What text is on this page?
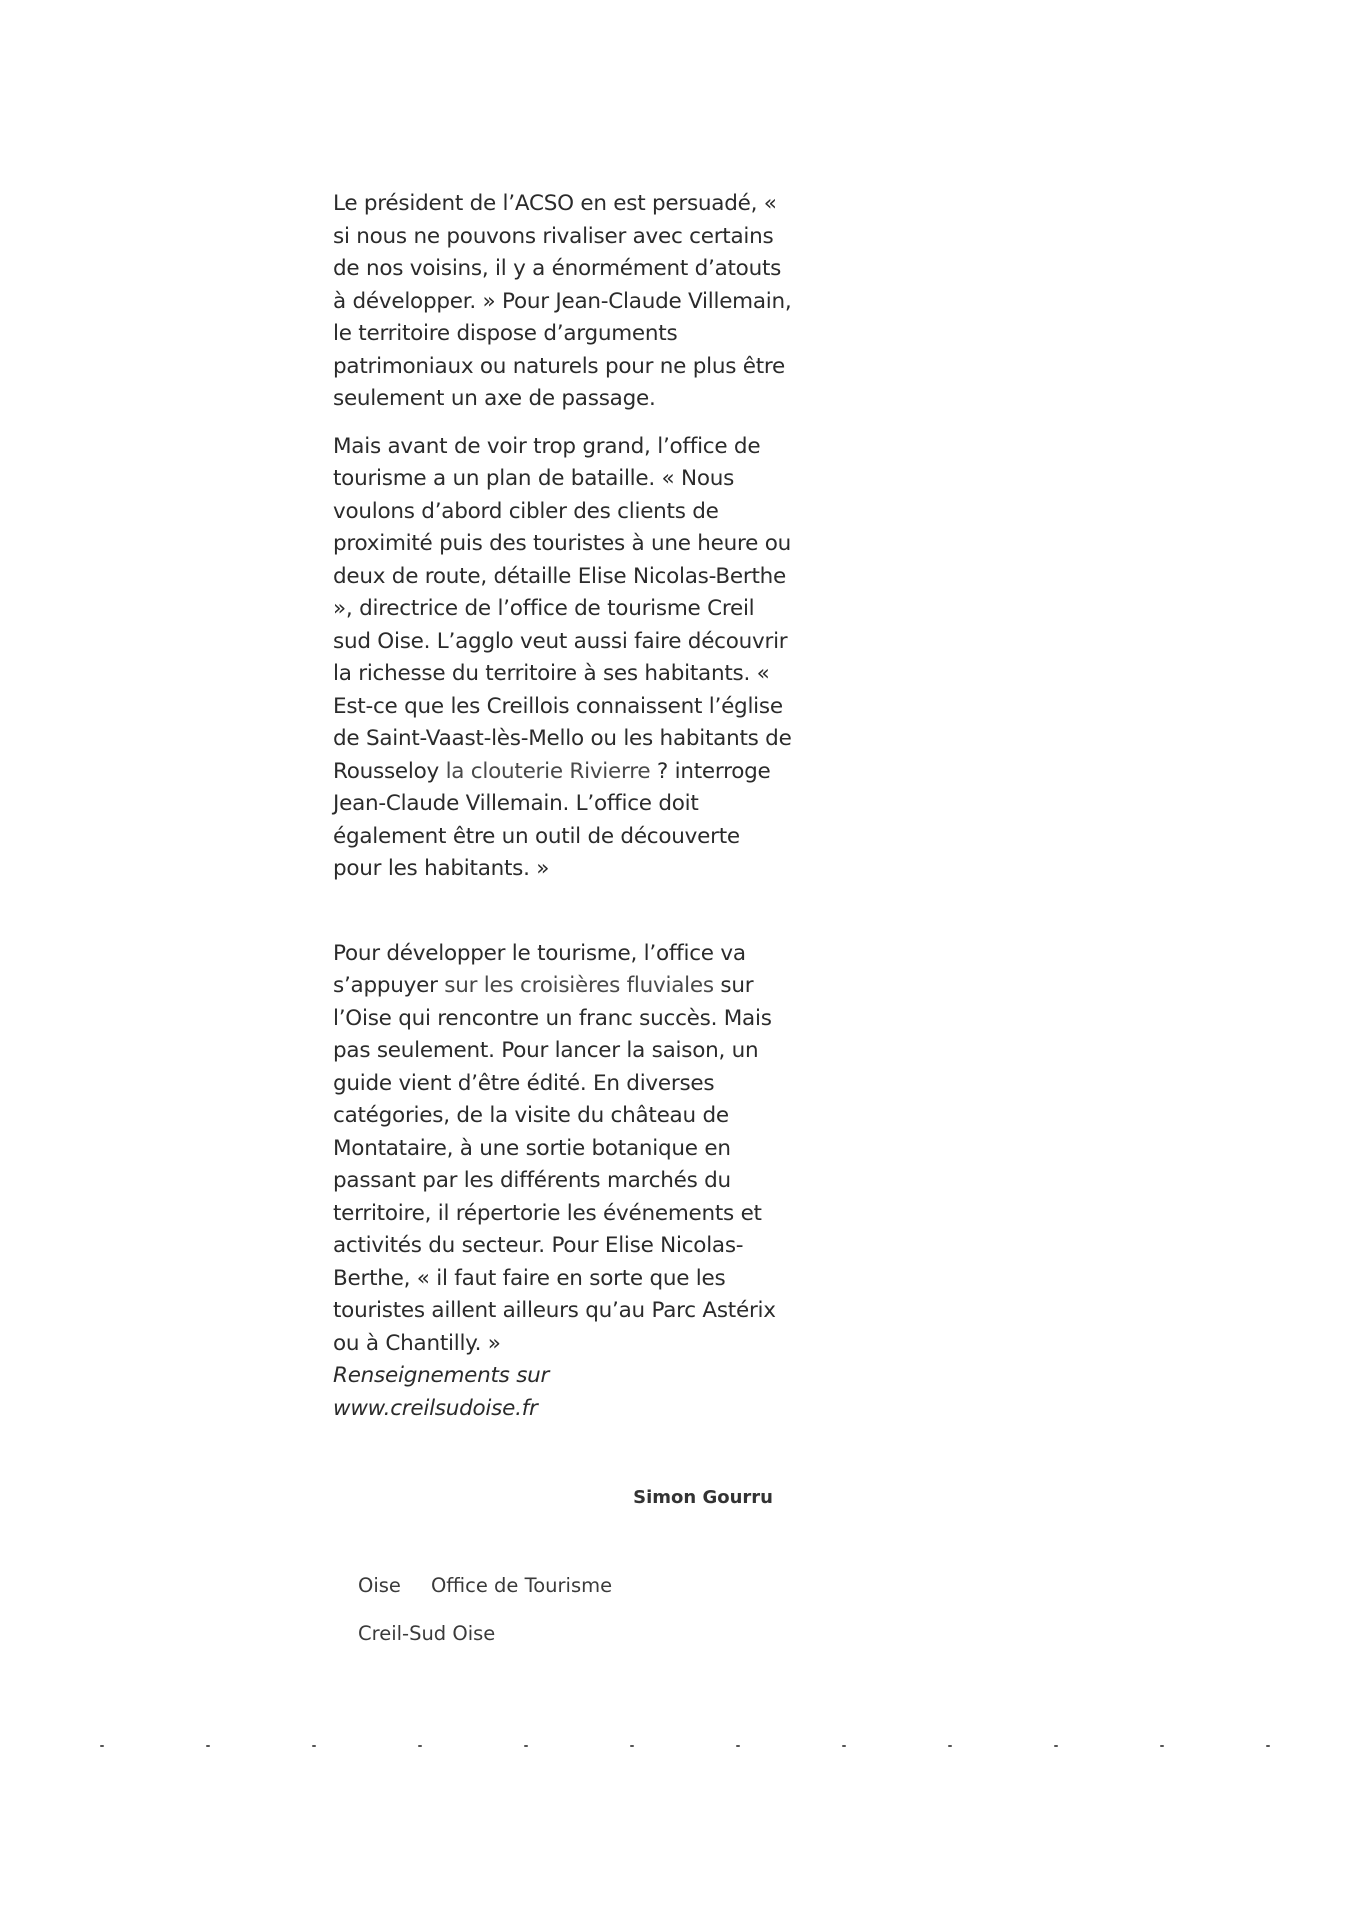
Le président de l’ACSO en est persuadé, « si nous ne pouvons rivaliser avec certains de nos voisins, il y a énormément d’atouts à développer. » Pour Jean-Claude Villemain, le territoire dispose d’arguments patrimoniaux ou naturels pour ne plus être seulement un axe de passage.

Mais avant de voir trop grand, l’office de tourisme a un plan de bataille. « Nous voulons d’abord cibler des clients de proximité puis des touristes à une heure ou deux de route, détaille Elise Nicolas-Berthe », directrice de l’office de tourisme Creil sud Oise. L’agglo veut aussi faire découvrir la richesse du territoire à ses habitants. « Est-ce que les Creillois connaissent l’église de Saint-Vaast-lès-Mello ou les habitants de Rousseloy la clouterie Rivierre ? interroge Jean-Claude Villemain. L’office doit également être un outil de découverte pour les habitants. »

Pour développer le tourisme, l’office va s’appuyer sur les croisières fluviales sur l’Oise qui rencontre un franc succès. Mais pas seulement. Pour lancer la saison, un guide vient d’être édité. En diverses catégories, de la visite du château de Montataire, à une sortie botanique en passant par les différents marchés du territoire, il répertorie les événements et activités du secteur. Pour Elise Nicolas-Berthe, « il faut faire en sorte que les touristes aillent ailleurs qu’au Parc Astérix ou à Chantilly. »

Renseignements sur

www.creilsudoise.fr

Simon Gourru
Oise Office de Tourisme
Creil-Sud Oise
